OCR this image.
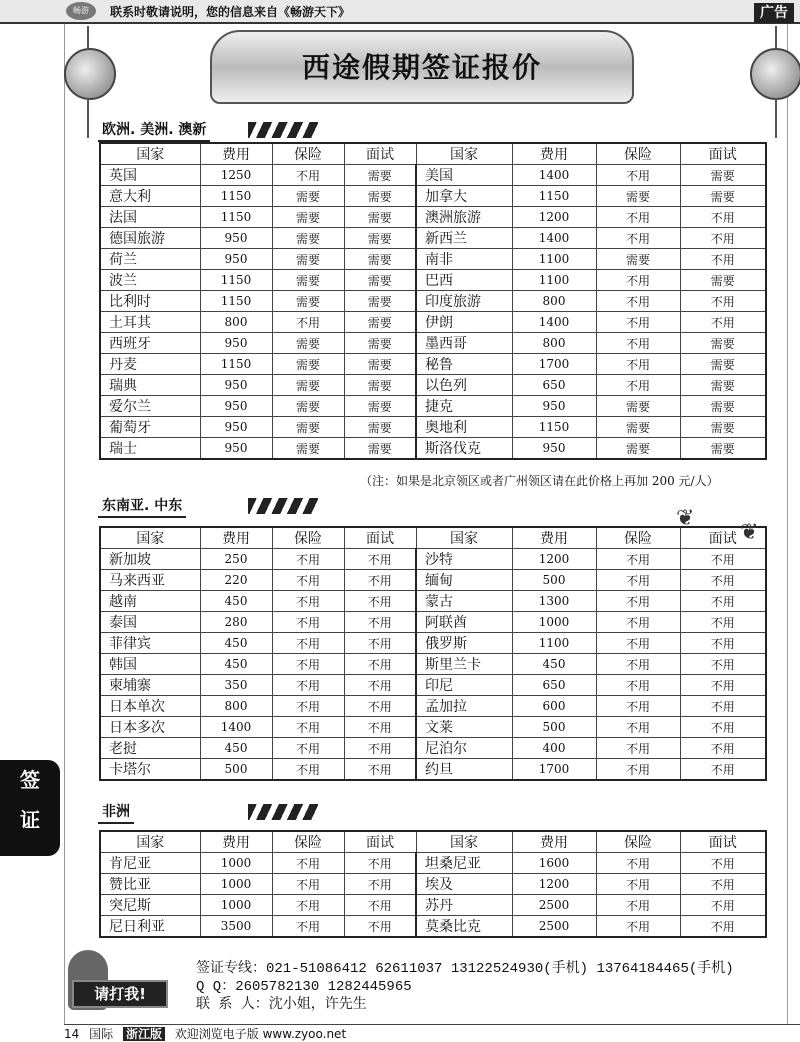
畅游	联系时敬请说明，您的信息来自《畅游天下》	广告
西途假期签证报价
欧洲. 美洲. 澳新
国家	费用	保险	面试	国家	费用	保险	面试
英国	1250	不用	需要	美国	1400	不用	需要
意大利	1150	需要	需要	加拿大	1150	需要	需要
法国	1150	需要	需要	澳洲旅游	1200	不用	不用
德国旅游	950	需要	需要	新西兰	1400	不用	不用
荷兰	950	需要	需要	南非	1100	需要	不用
波兰	1150	需要	需要	巴西	1100	不用	需要
比利时	1150	需要	需要	印度旅游	800	不用	不用
土耳其	800	不用	需要	伊朗	1400	不用	不用
西班牙	950	需要	需要	墨西哥	800	不用	需要
丹麦	1150	需要	需要	秘鲁	1700	不用	需要
瑞典	950	需要	需要	以色列	650	不用	需要
爱尔兰	950	需要	需要	捷克	950	需要	需要
葡萄牙	950	需要	需要	奥地利	1150	需要	需要
瑞士	950	需要	需要	斯洛伐克	950	需要	需要
（注：如果是北京领区或者广州领区请在此价格上再加 200 元/人）
东南亚. 中东
国家	费用	保险	面试	国家	费用	保险	面试
新加坡	250	不用	不用	沙特	1200	不用	不用
马来西亚	220	不用	不用	缅甸	500	不用	不用
越南	450	不用	不用	蒙古	1300	不用	不用
泰国	280	不用	不用	阿联酋	1000	不用	不用
菲律宾	450	不用	不用	俄罗斯	1100	不用	不用
韩国	450	不用	不用	斯里兰卡	450	不用	不用
柬埔寨	350	不用	不用	印尼	650	不用	不用
日本单次	800	不用	不用	孟加拉	600	不用	不用
日本多次	1400	不用	不用	文莱	500	不用	不用
老挝	450	不用	不用	尼泊尔	400	不用	不用
卡塔尔	500	不用	不用	约旦	1700	不用	不用
非洲
国家	费用	保险	面试	国家	费用	保险	面试
肯尼亚	1000	不用	不用	坦桑尼亚	1600	不用	不用
赞比亚	1000	不用	不用	埃及	1200	不用	不用
突尼斯	1000	不用	不用	苏丹	2500	不用	不用
尼日利亚	3500	不用	不用	莫桑比克	2500	不用	不用
❦
❦
签
证
请打我!
签证专线：021-51086412 62611037 13122524930(手机) 13764184465(手机)
Q Q：2605782130 1282445965
联 系 人：沈小姐，许先生
14 国际 浙江版 欢迎浏览电子版 www.zyoo.net
